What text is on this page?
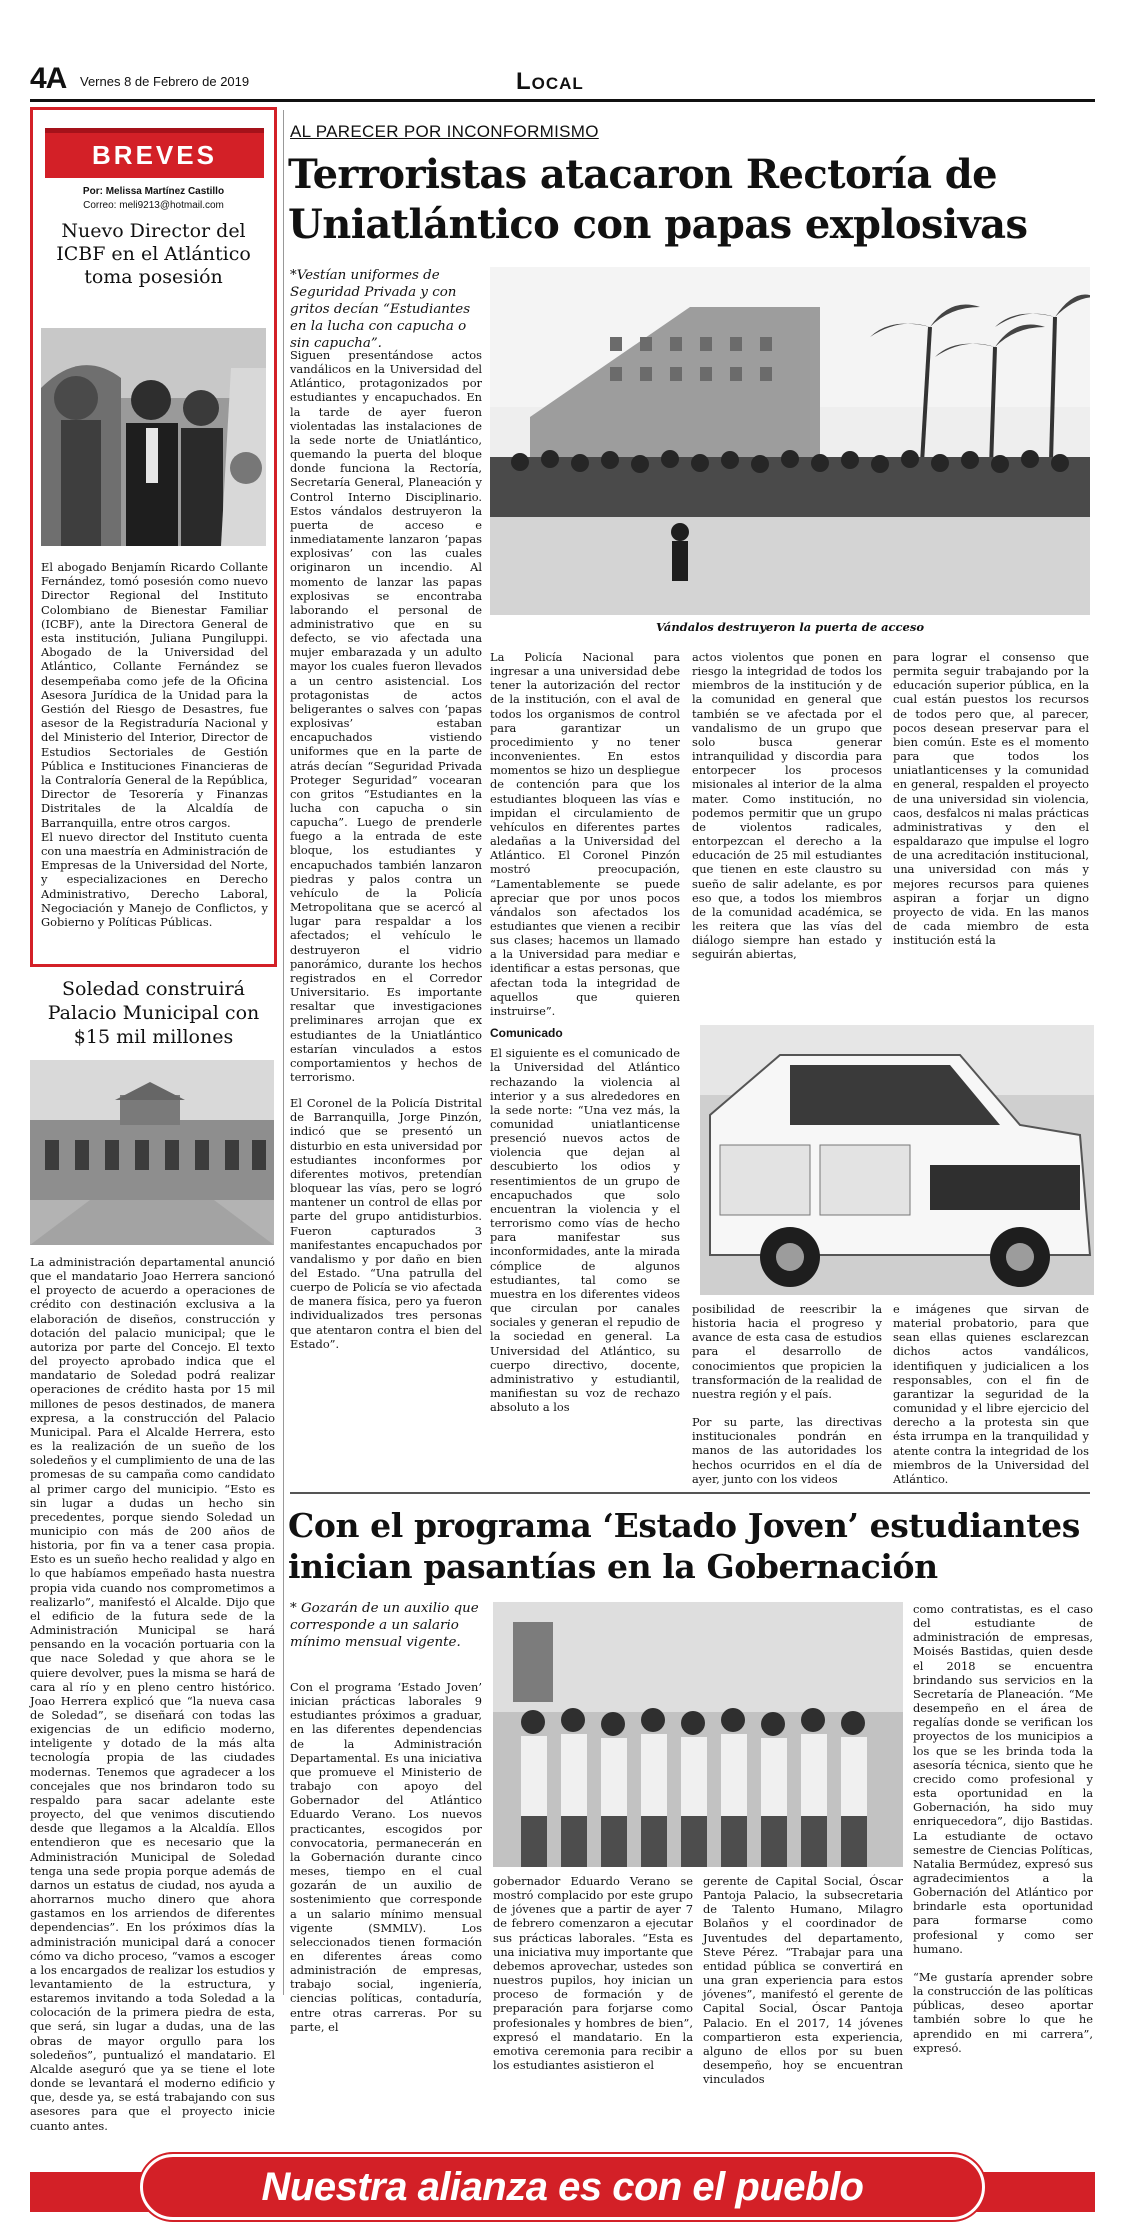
4A Vernes 8 de Febrero de 2019	Local
BREVES
Por: Melissa Martínez Castillo
Correo: meli9213@hotmail.com
Nuevo Director del ICBF en el Atlántico toma posesión

El abogado Benjamín Ricardo Collante Fernández, tomó posesión como nuevo Director Regional del Instituto Colombiano de Bienestar Familiar (ICBF), ante la Directora General de esta institución, Juliana Pungiluppi. Abogado de la Universidad del Atlántico, Collante Fernández se desempeñaba como jefe de la Oficina Asesora Jurídica de la Unidad para la Gestión del Riesgo de Desastres, fue asesor de la Registraduría Nacional y del Ministerio del Interior, Director de Estudios Sectoriales de Gestión Pública e Instituciones Financieras de la Contraloría General de la República, Director de Tesorería y Finanzas Distritales de la Alcaldía de Barranquilla, entre otros cargos.

El nuevo director del Instituto cuenta con una maestría en Administración de Empresas de la Universidad del Norte, y especializaciones en Derecho Administrativo, Derecho Laboral, Negociación y Manejo de Conflictos, y Gobierno y Políticas Públicas.

Soledad construirá Palacio Municipal con $15 mil millones
La administración departamental anunció que el mandatario Joao Herrera sancionó el proyecto de acuerdo a operaciones de crédito con destinación exclusiva a la elaboración de diseños, construcción y dotación del palacio municipal; que le autoriza por parte del Concejo. El texto del proyecto aprobado indica que el mandatario de Soledad podrá realizar operaciones de crédito hasta por 15 mil millones de pesos destinados, de manera expresa, a la construcción del Palacio Municipal. Para el Alcalde Herrera, esto es la realización de un sueño de los soledeños y el cumplimiento de una de las promesas de su campaña como candidato al primer cargo del municipio. “Esto es sin lugar a dudas un hecho sin precedentes, porque siendo Soledad un municipio con más de 200 años de historia, por fin va a tener casa propia. Esto es un sueño hecho realidad y algo en lo que habíamos empeñado hasta nuestra propia vida cuando nos comprometimos a realizarlo”, manifestó el Alcalde. Dijo que el edificio de la futura sede de la Administración Municipal se hará pensando en la vocación portuaria con la que nace Soledad y que ahora se le quiere devolver, pues la misma se hará de cara al río y en pleno centro histórico. Joao Herrera explicó que “la nueva casa de Soledad”, se diseñará con todas las exigencias de un edificio moderno, inteligente y dotado de la más alta tecnología propia de las ciudades modernas. Tenemos que agradecer a los concejales que nos brindaron todo su respaldo para sacar adelante este proyecto, del que venimos discutiendo desde que llegamos a la Alcaldía. Ellos entendieron que es necesario que la Administración Municipal de Soledad tenga una sede propia porque además de darnos un estatus de ciudad, nos ayuda a ahorrarnos mucho dinero que ahora gastamos en los arriendos de diferentes dependencias”. En los próximos días la administración municipal dará a conocer cómo va dicho proceso, “vamos a escoger a los encargados de realizar los estudios y levantamiento de la estructura, y estaremos invitando a toda Soledad a la colocación de la primera piedra de esta, que será, sin lugar a dudas, una de las obras de mayor orgullo para los soledeños”, puntualizó el mandatario. El Alcalde aseguró que ya se tiene el lote donde se levantará el moderno edificio y que, desde ya, se está trabajando con sus asesores para que el proyecto inicie cuanto antes.
AL PARECER POR INCONFORMISMO
Terroristas atacaron Rectoría de Uniatlántico con papas explosivas
*Vestían uniformes de Seguridad Privada y con gritos decían “Estudiantes en la lucha con capucha o sin capucha”.

Siguen presentándose actos vandálicos en la Universidad del Atlántico, protagonizados por estudiantes y encapuchados. En la tarde de ayer fueron violentadas las instalaciones de la sede norte de Uniatlántico, quemando la puerta del bloque donde funciona la Rectoría, Secretaría General, Planeación y Control Interno Disciplinario. Estos vándalos destruyeron la puerta de acceso e inmediatamente lanzaron ‘papas explosivas’ con las cuales originaron un incendio. Al momento de lanzar las papas explosivas se encontraba laborando el personal de administrativo que en su defecto, se vio afectada una mujer embarazada y un adulto mayor los cuales fueron llevados a un centro asistencial. Los protagonistas de actos beligerantes o salves con ‘papas explosivas’ estaban encapuchados vistiendo uniformes que en la parte de atrás decían “Seguridad Privada Proteger Seguridad” vocearan con gritos “Estudiantes en la lucha con capucha o sin capucha”. Luego de prenderle fuego a la entrada de este bloque, los estudiantes y encapuchados también lanzaron piedras y palos contra un vehículo de la Policía Metropolitana que se acercó al lugar para respaldar a los afectados; el vehículo le destruyeron el vidrio panorámico, durante los hechos registrados en el Corredor Universitario. Es importante resaltar que investigaciones preliminares arrojan que ex estudiantes de la Uniatlántico estarían vinculados a estos comportamientos y hechos de terrorismo.

El Coronel de la Policía Distrital de Barranquilla, Jorge Pinzón, indicó que se presentó un disturbio en esta universidad por estudiantes inconformes por diferentes motivos, pretendían bloquear las vías, pero se logró mantener un control de ellas por parte del grupo antidisturbios. Fueron capturados 3 manifestantes encapuchados por vandalismo y por daño en bien del Estado. “Una patrulla del cuerpo de Policía se vio afectada de manera física, pero ya fueron individualizados tres personas que atentaron contra el bien del Estado”.

Vándalos destruyeron la puerta de acceso

La Policía Nacional para ingresar a una universidad debe tener la autorización del rector de la institución, con el aval de todos los organismos de control para garantizar un procedimiento y no tener inconvenientes. En estos momentos se hizo un despliegue de contención para que los estudiantes bloqueen las vías e impidan el circulamiento de vehículos en diferentes partes aledañas a la Universidad del Atlántico. El Coronel Pinzón mostró preocupación, “Lamentablemente se puede apreciar que por unos pocos vándalos son afectados los estudiantes que vienen a recibir sus clases; hacemos un llamado a la Universidad para mediar e identificar a estas personas, que afectan toda la integridad de aquellos que quieren instruirse”.

Comunicado

El siguiente es el comunicado de la Universidad del Atlántico rechazando la violencia al interior y a sus alrededores en la sede norte: “Una vez más, la comunidad uniatlanticense presenció nuevos actos de violencia que dejan al descubierto los odios y resentimientos de un grupo de encapuchados que solo encuentran la violencia y el terrorismo como vías de hecho para manifestar sus inconformidades, ante la mirada cómplice de algunos estudiantes, tal como se muestra en los diferentes videos que circulan por canales sociales y generan el repudio de la sociedad en general. La Universidad del Atlántico, su cuerpo directivo, docente, administrativo y estudiantil, manifiestan su voz de rechazo absoluto a los

actos violentos que ponen en riesgo la integridad de todos los miembros de la institución y de la comunidad en general que también se ve afectada por el vandalismo de un grupo que solo busca generar intranquilidad y discordia para entorpecer los procesos misionales al interior de la alma mater. Como institución, no podemos permitir que un grupo de violentos radicales, entorpezcan el derecho a la educación de 25 mil estudiantes que tienen en este claustro su sueño de salir adelante, es por eso que, a todos los miembros de la comunidad académica, se les reitera que las vías del diálogo siempre han estado y seguirán abiertas,

para lograr el consenso que permita seguir trabajando por la educación superior pública, en la cual están puestos los recursos de todos pero que, al parecer, pocos desean preservar para el bien común. Este es el momento para que todos los uniatlanticenses y la comunidad en general, respalden el proyecto de una universidad sin violencia, caos, desfalcos ni malas prácticas administrativas y den el espaldarazo que impulse el logro de una acreditación institucional, una universidad con más y mejores recursos para quienes aspiran a forjar un digno proyecto de vida. En las manos de cada miembro de esta institución está la

posibilidad de reescribir la historia hacia el progreso y avance de esta casa de estudios para el desarrollo de conocimientos que propicien la transformación de la realidad de nuestra región y el país.

Por su parte, las directivas institucionales pondrán en manos de las autoridades los hechos ocurridos en el día de ayer, junto con los videos

e imágenes que sirvan de material probatorio, para que sean ellas quienes esclarezcan dichos actos vandálicos, identifiquen y judicialicen a los responsables, con el fin de garantizar la seguridad de la comunidad y el libre ejercicio del derecho a la protesta sin que ésta irrumpa en la tranquilidad y atente contra la integridad de los miembros de la Universidad del Atlántico.

Con el programa ‘Estado Joven’ estudiantes inician pasantías en la Gobernación
* Gozarán de un auxilio que corresponde a un salario mínimo mensual vigente.

Con el programa ‘Estado Joven’ inician prácticas laborales 9 estudiantes próximos a graduar, en las diferentes dependencias de la Administración Departamental. Es una iniciativa que promueve el Ministerio de trabajo con apoyo del Gobernador del Atlántico Eduardo Verano. Los nuevos practicantes, escogidos por convocatoria, permanecerán en la Gobernación durante cinco meses, tiempo en el cual gozarán de un auxilio de sostenimiento que corresponde a un salario mínimo mensual vigente (SMMLV). Los seleccionados tienen formación en diferentes áreas como administración de empresas, trabajo social, ingeniería, ciencias políticas, contaduría, entre otras carreras. Por su parte, el

gobernador Eduardo Verano se mostró complacido por este grupo de jóvenes que a partir de ayer 7 de febrero comenzaron a ejecutar sus prácticas laborales. “Esta es una iniciativa muy importante que debemos aprovechar, ustedes son nuestros pupilos, hoy inician un proceso de formación y de preparación para forjarse como profesionales y hombres de bien”, expresó el mandatario. En la emotiva ceremonia para recibir a los estudiantes asistieron el

gerente de Capital Social, Óscar Pantoja Palacio, la subsecretaria de Talento Humano, Milagro Bolaños y el coordinador de Juventudes del departamento, Steve Pérez. “Trabajar para una entidad pública se convertirá en una gran experiencia para estos jóvenes”, manifestó el gerente de Capital Social, Óscar Pantoja Palacio. En el 2017, 14 jóvenes compartieron esta experiencia, alguno de ellos por su buen desempeño, hoy se encuentran vinculados

como contratistas, es el caso del estudiante de administración de empresas, Moisés Bastidas, quien desde el 2018 se encuentra brindando sus servicios en la Secretaría de Planeación. “Me desempeño en el área de regalías donde se verifican los proyectos de los municipios a los que se les brinda toda la asesoría técnica, siento que he crecido como profesional y esta oportunidad en la Gobernación, ha sido muy enriquecedora”, dijo Bastidas. La estudiante de octavo semestre de Ciencias Políticas, Natalia Bermúdez, expresó sus agradecimientos a la Gobernación del Atlántico por brindarle esta oportunidad para formarse como profesional y como ser humano.

“Me gustaría aprender sobre la construcción de las políticas públicas, deseo aportar también sobre lo que he aprendido en mi carrera”, expresó.

Nuestra alianza es con el pueblo
